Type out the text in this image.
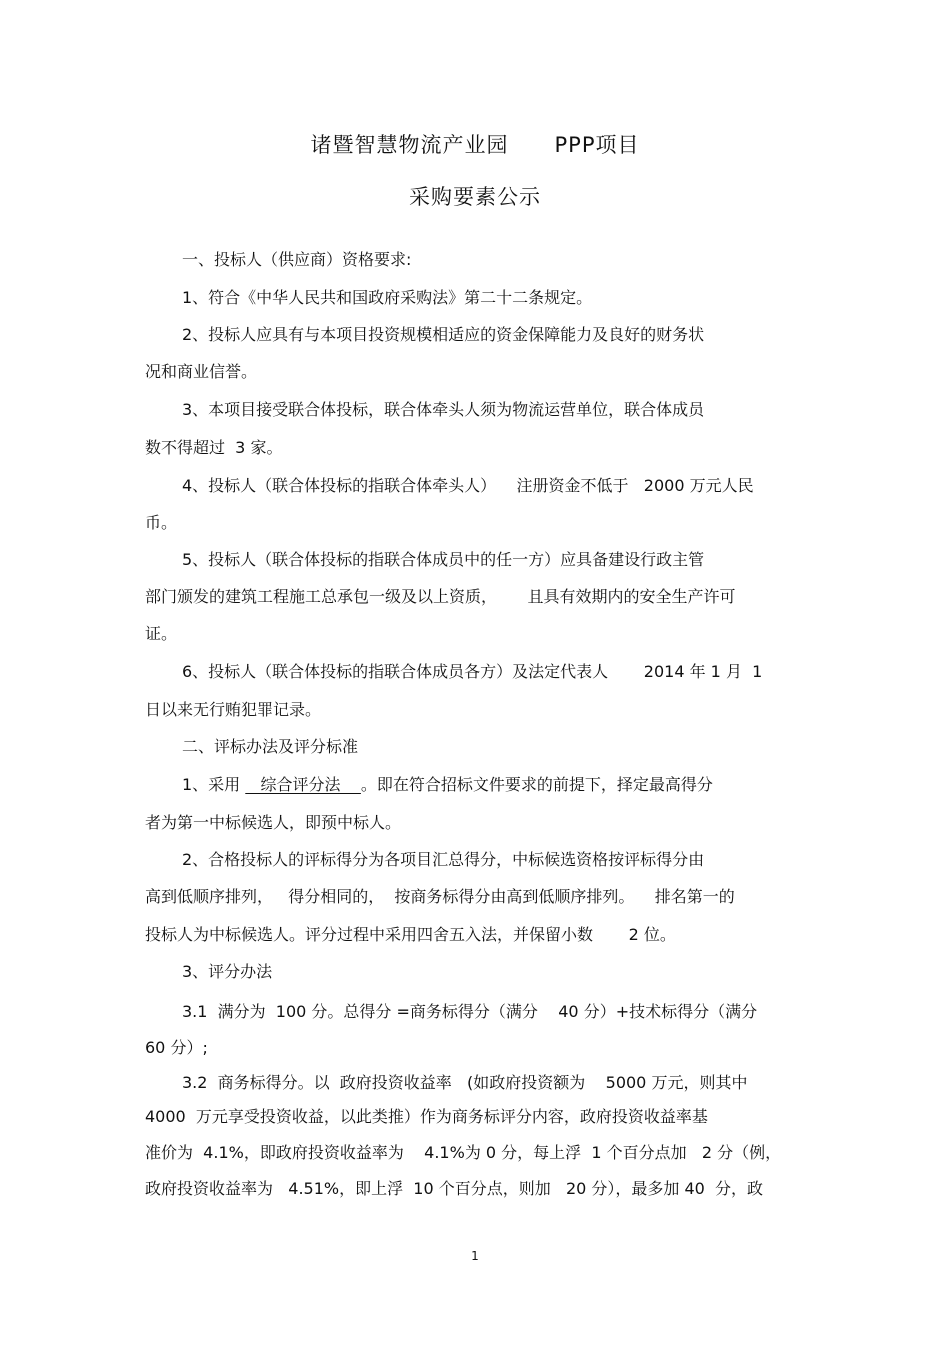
诸暨智慧物流产业园      PPP项目
采购要素公示
一、投标人（供应商）资格要求:
1、符合《中华人民共和国政府采购法》第二十二条规定。
2、投标人应具有与本项目投资规模相适应的资金保障能力及良好的财务状
况和商业信誉。
3、本项目接受联合体投标，联合体牵头人须为物流运营单位，联合体成员
数不得超过  3 家。
4、投标人（联合体投标的指联合体牵头人）    注册资金不低于   2000 万元人民
币。
5、投标人（联合体投标的指联合体成员中的任一方）应具备建设行政主管
部门颁发的建筑工程施工总承包一级及以上资质，      且具有效期内的安全生产许可
证。
6、投标人（联合体投标的指联合体成员各方）及法定代表人       2014 年 1 月  1
日以来无行贿犯罪记录。
二、评标办法及评分标准
1、采用    综合评分法    。即在符合招标文件要求的前提下，择定最高得分
者为第一中标候选人，即预中标人。
2、合格投标人的评标得分为各项目汇总得分，中标候选资格按评标得分由
高到低顺序排列，   得分相同的，  按商务标得分由高到低顺序排列。    排名第一的
投标人为中标候选人。评分过程中采用四舍五入法，并保留小数       2 位。
3、评分办法
3.1  满分为  100 分。总得分 =商务标得分（满分    40 分）+技术标得分（满分
60 分）;
3.2  商务标得分。以  政府投资收益率   (如政府投资额为    5000 万元，则其中
4000  万元享受投资收益，以此类推）作为商务标评分内容，政府投资收益率基
准价为  4.1%，即政府投资收益率为    4.1%为 0 分，每上浮  1 个百分点加   2 分（例，
政府投资收益率为   4.51%，即上浮  10 个百分点，则加   20 分），最多加 40  分，政
1
